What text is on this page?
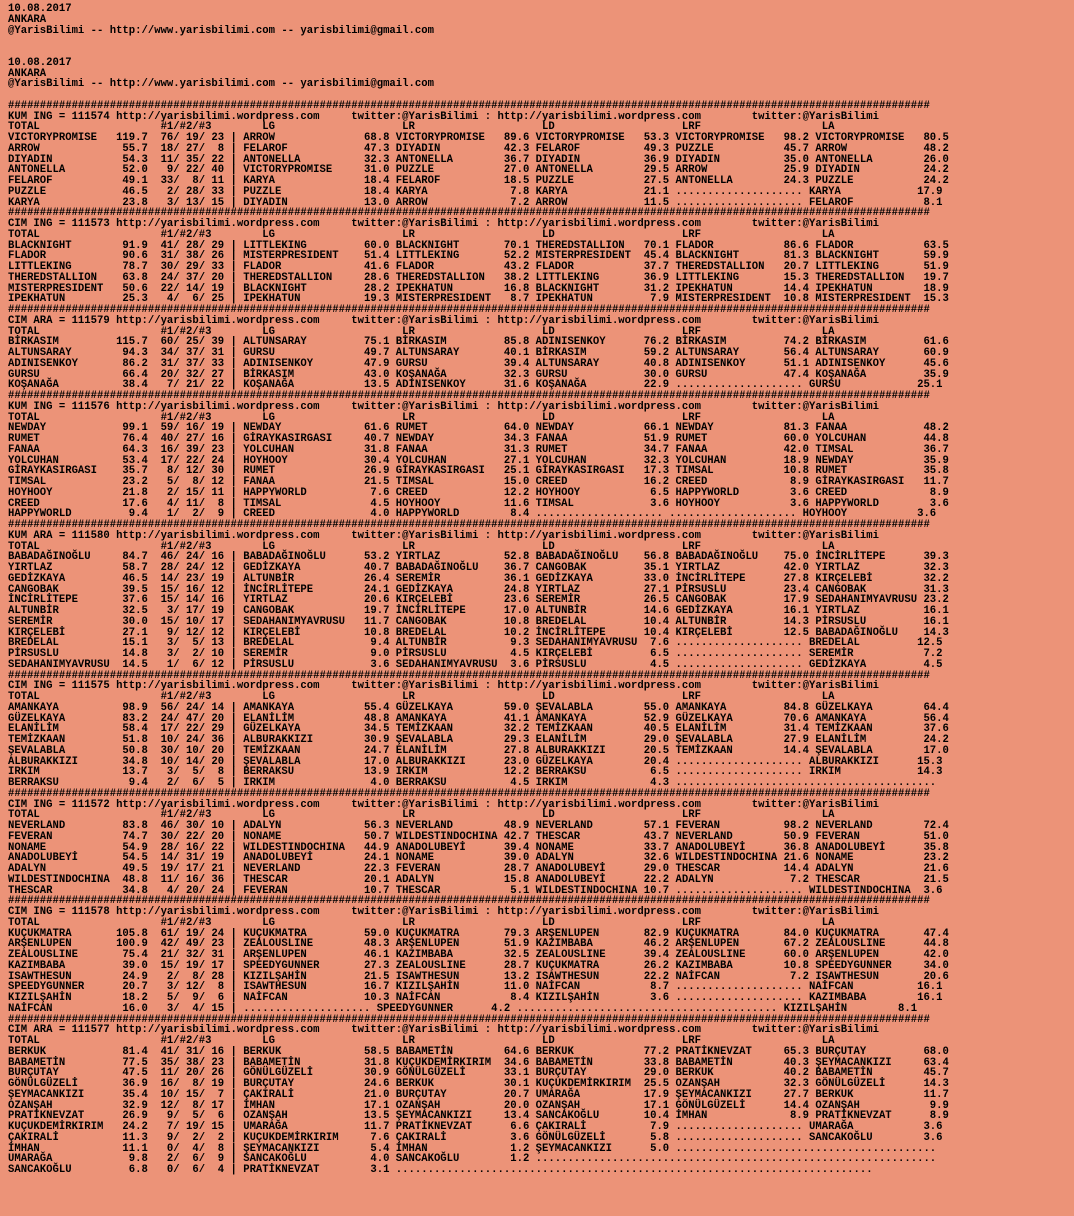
10.08.2017
ANKARA
@YarisBilimi -- http://www.yarisbilimi.com -- yarisbilimi@gmail.com

10.08.2017
ANKARA
@YarisBilimi -- http://www.yarisbilimi.com -- yarisbilimi@gmail.com

#################################################################################################################################################
KUM ING = 111574 http://yarisbilimi.wordpress.com     twitter:@YarisBilimi : http://yarisbilimi.wordpress.com        twitter:@YarisBilimi
TOTAL                   #1/#2/#3        LG                    LR                    LD                    LRF                   LA
VICTORYPROMISE   119.7  76/ 19/ 23 | ARROW              68.8 VICTORYPROMISE   89.6 VICTORYPROMISE   53.3 VICTORYPROMISE   98.2 VICTORYPROMISE   80.5
ARROW             55.7  18/ 27/  8 | FELAROF            47.3 DIYADIN          42.3 FELAROF          49.3 PUZZLE           45.7 ARROW            48.2
DIYADIN           54.3  11/ 35/ 22 | ANTONELLA          32.3 ANTONELLA        36.7 DIYADIN          36.9 DIYADIN          35.0 ANTONELLA        26.0
ANTONELLA         52.0   9/ 22/ 40 | VICTORYPROMISE     31.0 PUZZLE           27.0 ANTONELLA        29.5 ARROW            25.9 DIYADIN          24.2
FELAROF           49.1  33/  8/ 11 | KARYA              18.4 FELAROF          18.5 PUZZLE           27.5 ANTONELLA        24.3 PUZZLE           24.2
PUZZLE            46.5   2/ 28/ 33 | PUZZLE             18.4 KARYA             7.8 KARYA            21.1 .................... KARYA            17.9
KARYA             23.8   3/ 13/ 15 | DIYADIN            13.0 ARROW             7.2 ARROW            11.5 .................... FELAROF           8.1
#################################################################################################################################################
CIM ING = 111573 http://yarisbilimi.wordpress.com     twitter:@YarisBilimi : http://yarisbilimi.wordpress.com        twitter:@YarisBilimi
TOTAL                   #1/#2/#3        LG                    LR                    LD                    LRF                   LA
BLACKNIGHT        91.9  41/ 28/ 29 | LITTLEKING         60.0 BLACKNIGHT       70.1 THEREDSTALLION   70.1 FLADOR           86.6 FLADOR           63.5
FLADOR            90.6  31/ 38/ 26 | MISTERPRESIDENT    51.4 LITTLEKING       52.2 MISTERPRESIDENT  45.4 BLACKNIGHT       81.3 BLACKNIGHT       59.9
LITTLEKING        78.7  30/ 29/ 33 | FLADOR             41.6 FLADOR           43.2 FLADOR           37.7 THEREDSTALLION   20.7 LITTLEKING       51.9
THEREDSTALLION    63.8  24/ 37/ 20 | THEREDSTALLION     28.6 THEREDSTALLION   38.2 LITTLEKING       36.9 LITTLEKING       15.3 THEREDSTALLION   19.7
MISTERPRESIDENT   50.6  22/ 14/ 19 | BLACKNIGHT         28.2 IPEKHATUN        16.8 BLACKNIGHT       31.2 IPEKHATUN        14.4 IPEKHATUN        18.9
IPEKHATUN         25.3   4/  6/ 25 | IPEKHATUN          19.3 MISTERPRESIDENT   8.7 IPEKHATUN         7.9 MISTERPRESIDENT  10.8 MISTERPRESIDENT  15.3
#################################################################################################################################################
CIM ARA = 111579 http://yarisbilimi.wordpress.com     twitter:@YarisBilimi : http://yarisbilimi.wordpress.com        twitter:@YarisBilimi
TOTAL                   #1/#2/#3        LG                    LR                    LD                    LRF                   LA
BİRKASIM         115.7  60/ 25/ 39 | ALTUNSARAY         75.1 BİRKASIM         85.8 ADINISENKOY      76.2 BİRKASIM         74.2 BİRKASIM         61.6
ALTUNSARAY        94.3  34/ 37/ 31 | GURSU              49.7 ALTUNSARAY       40.1 BİRKASIM         59.2 ALTUNSARAY       56.4 ALTUNSARAY       60.9
ADINISENKOY       86.2  31/ 37/ 33 | ADINISENKOY        47.9 GURSU            39.4 ALTUNSARAY       40.8 ADINISENKOY      51.1 ADINISENKOY      45.6
GURSU             66.4  20/ 32/ 27 | BİRKASIM           43.0 KOŞANAĞA         32.3 GURSU            30.0 GURSU            47.4 KOŞANAĞA         35.9
KOŞANAĞA          38.4   7/ 21/ 22 | KOŞANAĞA           13.5 ADINISENKOY      31.6 KOŞANAĞA         22.9 .................... GURSU            25.1
#################################################################################################################################################
KUM ING = 111576 http://yarisbilimi.wordpress.com     twitter:@YarisBilimi : http://yarisbilimi.wordpress.com        twitter:@YarisBilimi
TOTAL                   #1/#2/#3        LG                    LR                    LD                    LRF                   LA
NEWDAY            99.1  59/ 16/ 19 | NEWDAY             61.6 RUMET            64.0 NEWDAY           66.1 NEWDAY           81.3 FANAA            48.2
RUMET             76.4  40/ 27/ 16 | GİRAYKASIRGASI     40.7 NEWDAY           34.3 FANAA            51.9 RUMET            60.0 YOLCUHAN         44.8
FANAA             64.3  16/ 39/ 23 | YOLCUHAN           31.8 FANAA            31.3 RUMET            34.7 FANAA            42.0 TIMSAL           36.7
YOLCUHAN          53.4  17/ 22/ 24 | HOYHOOY            30.4 YOLCUHAN         27.1 YOLCUHAN         32.3 YOLCUHAN         18.9 NEWDAY           35.9
GİRAYKASIRGASI    35.7   8/ 12/ 30 | RUMET              26.9 GİRAYKASIRGASI   25.1 GİRAYKASIRGASI   17.3 TIMSAL           10.8 RUMET            35.8
TIMSAL            23.2   5/  8/ 12 | FANAA              21.5 TIMSAL           15.0 CREED            16.2 CREED             8.9 GİRAYKASIRGASI   11.7
HOYHOOY           21.8   2/ 15/ 11 | HAPPYWORLD          7.6 CREED            12.2 HOYHOOY           6.5 HAPPYWORLD        3.6 CREED             8.9
CREED             17.6   4/ 11/  8 | TIMSAL              4.5 HOYHOOY          11.6 TIMSAL            3.6 HOYHOOY           3.6 HAPPYWORLD        3.6
HAPPYWORLD         9.4   1/  2/  9 | CREED               4.0 HAPPYWORLD        8.4 .................... .................... HOYHOOY           3.6
#################################################################################################################################################
KUM ARA = 111580 http://yarisbilimi.wordpress.com     twitter:@YarisBilimi : http://yarisbilimi.wordpress.com        twitter:@YarisBilimi
TOTAL                   #1/#2/#3        LG                    LR                    LD                    LRF                   LA
BABADAĞINOĞLU     84.7  46/ 24/ 16 | BABADAĞINOĞLU      53.2 YIRTLAZ          52.8 BABADAĞINOĞLU    56.8 BABADAĞINOĞLU    75.0 İNCİRLİTEPE      39.3
YIRTLAZ           58.7  28/ 24/ 12 | GEDİZKAYA          40.7 BABADAĞINOĞLU    36.7 CANGOBAK         35.1 YIRTLAZ          42.0 YIRTLAZ          32.3
GEDİZKAYA         46.5  14/ 23/ 19 | ALTUNBİR           26.4 SEREMİR          36.1 GEDİZKAYA        33.0 İNCİRLİTEPE      27.8 KIRÇELEBİ        32.2
CANGOBAK          39.5  15/ 16/ 12 | İNCİRLİTEPE        24.1 GEDİZKAYA        24.8 YIRTLAZ          27.1 PİRSUSLU         23.4 CANGOBAK         31.3
İNCİRLİTEPE       37.6  15/ 14/ 16 | YIRTLAZ            20.6 KIRÇELEBİ        23.6 SEREMİR          26.5 CANGOBAK         17.9 SEDAHANIMYAVRUSU 23.2
ALTUNBİR          32.5   3/ 17/ 19 | CANGOBAK           19.7 İNCİRLİTEPE      17.0 ALTUNBİR         14.6 GEDİZKAYA        16.1 YIRTLAZ          16.1
SEREMİR           30.0  15/ 10/ 17 | SEDAHANIMYAVRUSU   11.7 CANGOBAK         10.8 BREDELAL         10.4 ALTUNBİR         14.3 PİRSUSLU         16.1
KIRÇELEBİ         27.1   9/ 12/ 12 | KIRÇELEBİ          10.8 BREDELAL         10.2 İNCİRLİTEPE      10.4 KIRÇELEBİ        12.5 BABADAĞINOĞLU    14.3
BREDELAL          15.1   3/  5/ 13 | BREDELAL            9.4 ALTUNBİR          9.3 SEDAHANIMYAVRUSU  7.6 .................... BREDELAL         12.5
PİRSUSLU          14.8   3/  2/ 10 | SEREMİR             9.0 PİRSUSLU          4.5 KIRÇELEBİ         6.5 .................... SEREMİR           7.2
SEDAHANIMYAVRUSU  14.5   1/  6/ 12 | PİRSUSLU            3.6 SEDAHANIMYAVRUSU  3.6 PİRSUSLU          4.5 .................... GEDİZKAYA         4.5
#################################################################################################################################################
CIM ING = 111575 http://yarisbilimi.wordpress.com     twitter:@YarisBilimi : http://yarisbilimi.wordpress.com        twitter:@YarisBilimi
TOTAL                   #1/#2/#3        LG                    LR                    LD                    LRF                   LA
AMANKAYA          98.9  56/ 24/ 14 | AMANKAYA           55.4 GÜZELKAYA        59.0 ŞEVALABLA        55.0 AMANKAYA         84.8 GÜZELKAYA        64.4
GÜZELKAYA         83.2  24/ 47/ 20 | ELANİLİM           48.8 AMANKAYA         41.1 AMANKAYA         52.9 GÜZELKAYA        70.6 AMANKAYA         56.4
ELANİLİM          58.4  17/ 22/ 29 | GÜZELKAYA          34.5 TEMİZKAAN        32.2 TEMİZKAAN        40.5 ELANİLİM         31.4 TEMİZKAAN        37.6
TEMİZKAAN         51.8  10/ 24/ 36 | ALBURAKKIZI        30.9 ŞEVALABLA        29.3 ELANİLİM         29.0 ŞEVALABLA        27.9 ELANİLİM         24.2
ŞEVALABLA         50.8  30/ 10/ 20 | TEMİZKAAN          24.7 ELANİLİM         27.8 ALBURAKKIZI      20.5 TEMİZKAAN        14.4 ŞEVALABLA        17.0
ALBURAKKIZI       34.8  10/ 14/ 20 | ŞEVALABLA          17.0 ALBURAKKIZI      23.0 GÜZELKAYA        20.4 .................... ALBURAKKIZI      15.3
IRKIM             13.7   3/  5/  8 | BERRAKSU           13.9 IRKIM            12.2 BERRAKSU          6.5 .................... IRKIM            14.3
BERRAKSU           9.4   2/  6/  5 | IRKIM               4.0 BERRAKSU          4.5 IRKIM             4.3 .........................................
#################################################################################################################################################
CIM ING = 111572 http://yarisbilimi.wordpress.com     twitter:@YarisBilimi : http://yarisbilimi.wordpress.com        twitter:@YarisBilimi
TOTAL                   #1/#2/#3        LG                    LR                    LD                    LRF                   LA
NEVERLAND         83.8  46/ 30/ 10 | ADALYN             56.3 NEVERLAND        48.9 NEVERLAND        57.1 FEVERAN          98.2 NEVERLAND        72.4
FEVERAN           74.7  30/ 22/ 20 | NONAME             50.7 WILDESTINDOCHINA 42.7 THESCAR          43.7 NEVERLAND        50.9 FEVERAN          51.0
NONAME            54.9  28/ 16/ 22 | WILDESTINDOCHINA   44.9 ANADOLUBEYİ      39.4 NONAME           33.7 ANADOLUBEYİ      36.8 ANADOLUBEYİ      35.8
ANADOLUBEYİ       54.5  14/ 31/ 19 | ANADOLUBEYİ        24.1 NONAME           39.0 ADALYN           32.6 WILDESTINDOCHINA 21.6 NONAME           23.2
ADALYN            49.5  19/ 17/ 21 | NEVERLAND          22.3 FEVERAN          28.7 ANADOLUBEYİ      29.0 THESCAR          14.4 ADALYN           21.6
WILDESTINDOCHINA  48.8  11/ 16/ 36 | THESCAR            20.1 ADALYN           15.8 ANADOLUBEYİ      22.2 ADALYN            7.2 THESCAR          21.5
THESCAR           34.8   4/ 20/ 24 | FEVERAN            10.7 THESCAR           5.1 WILDESTINDOCHINA 10.7 .................... WILDESTINDOCHINA  3.6
#################################################################################################################################################
CIM ING = 111578 http://yarisbilimi.wordpress.com     twitter:@YarisBilimi : http://yarisbilimi.wordpress.com        twitter:@YarisBilimi
TOTAL                   #1/#2/#3        LG                    LR                    LD                    LRF                   LA
KUÇUKMATRA       105.8  61/ 19/ 24 | KUÇUKMATRA         59.0 KUÇUKMATRA       79.3 ARŞENLUPEN       82.9 KUÇUKMATRA       84.0 KUÇUKMATRA       47.4
ARŞENLUPEN       100.9  42/ 49/ 23 | ZEALOUSLINE        48.3 ARŞENLUPEN       51.9 KAZIMBABA        46.2 ARŞENLUPEN       67.2 ZEALOUSLINE      44.8
ZEALOUSLINE       75.4  21/ 32/ 31 | ARŞENLUPEN         46.1 KAZIMBABA        32.5 ZEALOUSLINE      39.4 ZEALOUSLINE      60.0 ARŞENLUPEN       42.0
KAZIMBABA         39.0  15/ 19/ 17 | SPEEDYGUNNER       27.3 ZEALOUSLINE      28.7 KUÇUKMATRA       26.2 KAZIMBABA        10.8 SPEEDYGUNNER     34.0
ISAWTHESUN        24.9   2/  8/ 28 | KIZILŞAHİN         21.5 ISAWTHESUN       13.2 ISAWTHESUN       22.2 NAİFCAN           7.2 ISAWTHESUN       20.6
SPEEDYGUNNER      20.7   3/ 12/  8 | ISAWTHESUN         16.7 KIZILŞAHİN       11.0 NAİFCAN           8.7 .................... NAİFCAN          16.1
KIZILŞAHİN        18.2   5/  9/  6 | NAİFCAN            10.3 NAİFCAN           8.4 KIZILŞAHİN        3.6 .................... KAZIMBABA        16.1
NAİFCAN           16.0   3/  4/ 15 | .................... SPEEDYGUNNER      4.2 ......................................... KIZILŞAHİN        8.1
#################################################################################################################################################
CIM ARA = 111577 http://yarisbilimi.wordpress.com     twitter:@YarisBilimi : http://yarisbilimi.wordpress.com        twitter:@YarisBilimi
TOTAL                   #1/#2/#3        LG                    LR                    LD                    LRF                   LA
BERKUK            81.4  41/ 31/ 16 | BERKUK             58.5 BABAMETİN        64.6 BERKUK           77.2 PRATİKNEVZAT     65.3 BURÇUTAY         68.0
BABAMETİN         77.5  35/ 38/ 23 | BABAMETİN          31.8 KUÇUKDEMİRKIRIM  34.6 BABAMETİN        33.8 BABAMETİN        40.3 ŞEYMACANKIZI     63.4
BURÇUTAY          47.5  11/ 20/ 26 | GÖNÜLGÜZELİ        30.9 GÖNÜLGÜZELİ      33.1 BURÇUTAY         29.0 BERKUK           40.2 BABAMETİN        45.7
GÖNÜLGÜZELİ       36.9  16/  8/ 19 | BURÇUTAY           24.6 BERKUK           30.1 KUÇUKDEMİRKIRIM  25.5 OZANŞAH          32.3 GÖNÜLGÜZELİ      14.3
ŞEYMACANKIZI      35.4  10/ 15/  7 | ÇAKIRALİ           21.0 BURÇUTAY         20.7 UMARAĞA          17.9 ŞEYMACANKIZI     27.7 BERKUK           11.7
OZANŞAH           32.9  12/  8/ 17 | İMHAN              17.1 OZANŞAH          20.0 OZANŞAH          17.1 GÖNÜLGÜZELİ      14.4 OZANŞAH           9.9
PRATİKNEVZAT      26.9   9/  5/  6 | OZANŞAH            13.5 ŞEYMACANKIZI     13.4 SANCAKOĞLU       10.4 İMHAN             8.9 PRATİKNEVZAT      8.9
KUÇUKDEMİRKIRIM   24.2   7/ 19/ 15 | UMARAĞA            11.7 PRATİKNEVZAT      6.6 ÇAKIRALİ          7.9 .................... UMARAĞA           3.6
ÇAKIRALİ          11.3   9/  2/  2 | KUÇUKDEMİRKIRIM     7.6 ÇAKIRALİ          3.6 GÖNÜLGÜZELİ       5.8 .................... SANCAKOĞLU        3.6
İMHAN             11.1   0/  4/  8 | ŞEYMACANKIZI        5.4 İMHAN             1.2 ŞEYMACANKIZI      5.0 .........................................
UMARAĞA            9.8   2/  6/  9 | SANCAKOĞLU          4.0 SANCAKOĞLU        1.2 ...............................................................
SANCAKOĞLU         6.8   0/  6/  4 | PRATİKNEVZAT        3.1 ...........................................................................
